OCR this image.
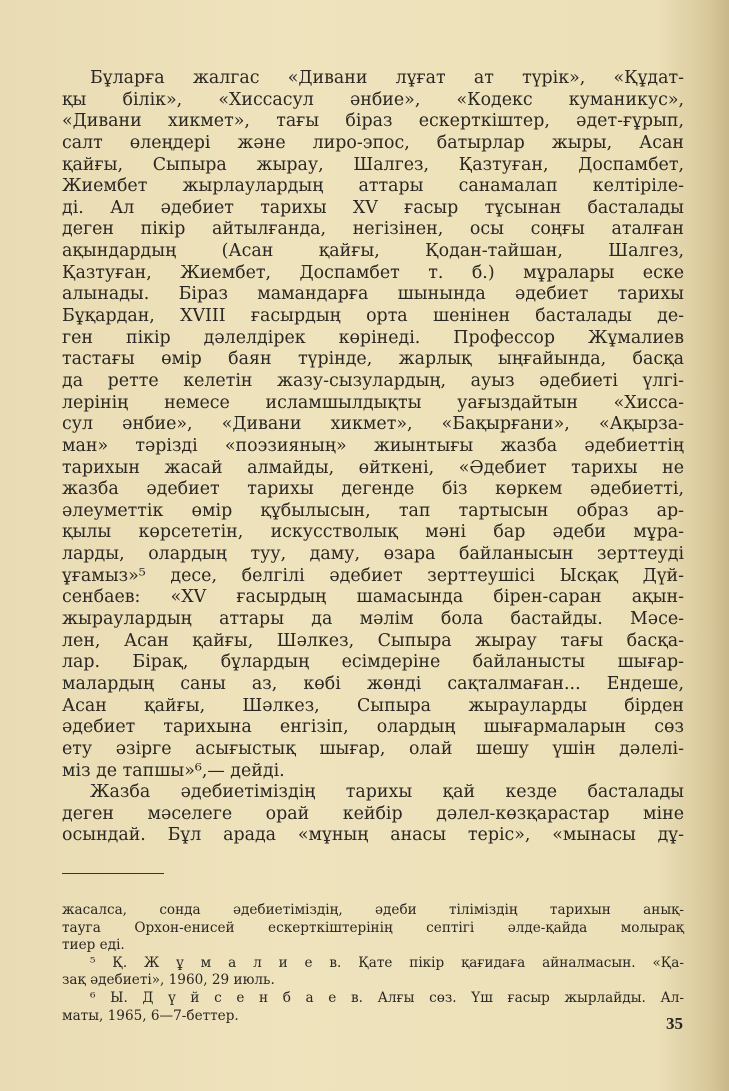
Бұларға жалгас «Дивани лұғат ат түрік», «Құдат-
қы білік», «Хиссасул әнбие», «Кодекс куманикус»,
«Дивани хикмет», тағы біраз ескерткіштер, әдет-ғұрып,
салт өлеңдері және лиро-эпос, батырлар жыры, Асан
қайғы, Сыпыра жырау, Шалгез, Қазтуған, Доспамбет,
Жиембет жырлаулардың аттары санамалап келтіріле-
ді. Ал әдебиет тарихы XV ғасыр тұсынан басталады
деген пікір айтылғанда, негізінен, осы соңғы аталған
ақындардың (Асан қайғы, Қодан-тайшан, Шалгез,
Қазтуған, Жиембет, Доспамбет т. б.) мұралары еске
алынады. Біраз мамандарға шынында әдебиет тарихы
Бұқардан, XVIII ғасырдың орта шенінен басталады де-
ген пікір дәлелдірек көрінеді. Профессор Жұмалиев
тастағы өмір баян түрінде, жарлық ыңғайында, басқа
да ретте келетін жазу-сызулардың, ауыз әдебиеті үлгі-
лерінің немесе исламшылдықты уағыздайтын «Хисса-
сул әнбие», «Дивани хикмет», «Бақырғани», «Ақырза-
ман» тәрізді «поэзияның» жиынтығы жазба әдебиеттің
тарихын жасай алмайды, өйткені, «Әдебиет тарихы не
жазба әдебиет тарихы дегенде біз көркем әдебиетті,
әлеуметтік өмір құбылысын, тап тартысын образ ар-
қылы көрсететін, искусстволық мәні бар әдеби мұра-
ларды, олардың туу, даму, өзара байланысын зерттеуді
ұғамыз»⁵ десе, белгілі әдебиет зерттеушісі Ысқақ Дүй-
сенбаев: «XV ғасырдың шамасында бірен-саран ақын-
жыраулардың аттары да мәлім бола бастайды. Мәсе-
лен, Асан қайғы, Шәлкез, Сыпыра жырау тағы басқа-
лар. Бірақ, бұлардың есімдеріне байланысты шығар-
малардың саны аз, көбі жөнді сақталмаған... Ендеше,
Асан қайғы, Шәлкез, Сыпыра жырауларды бірден
әдебиет тарихына енгізіп, олардың шығармаларын сөз
ету әзірге асығыстық шығар, олай шешу үшін дәлелі-
міз де тапшы»⁶,— дейді.
Жазба әдебиетіміздің тарихы қай кезде басталады
деген мәселеге орай кейбір дәлел-көзқарастар міне
осындай. Бұл арада «мұның анасы теріс», «мынасы дұ-
жасалса, сонда әдебиетіміздің, әдеби тіліміздің тарихын анық-
тауга Орхон-енисей ескерткіштерінің септігі әлде-қайда молырақ
тиер еді.
⁵ Қ. Ж ұ м а л и е в. Қате пікір қағидаға айналмасын. «Қа-
зақ әдебиеті», 1960, 29 июль.
⁶ Ы. Д ү й с е н б а е в. Алғы сөз. Үш ғасыр жырлайды. Ал-
маты, 1965, 6—7-беттер.	35
